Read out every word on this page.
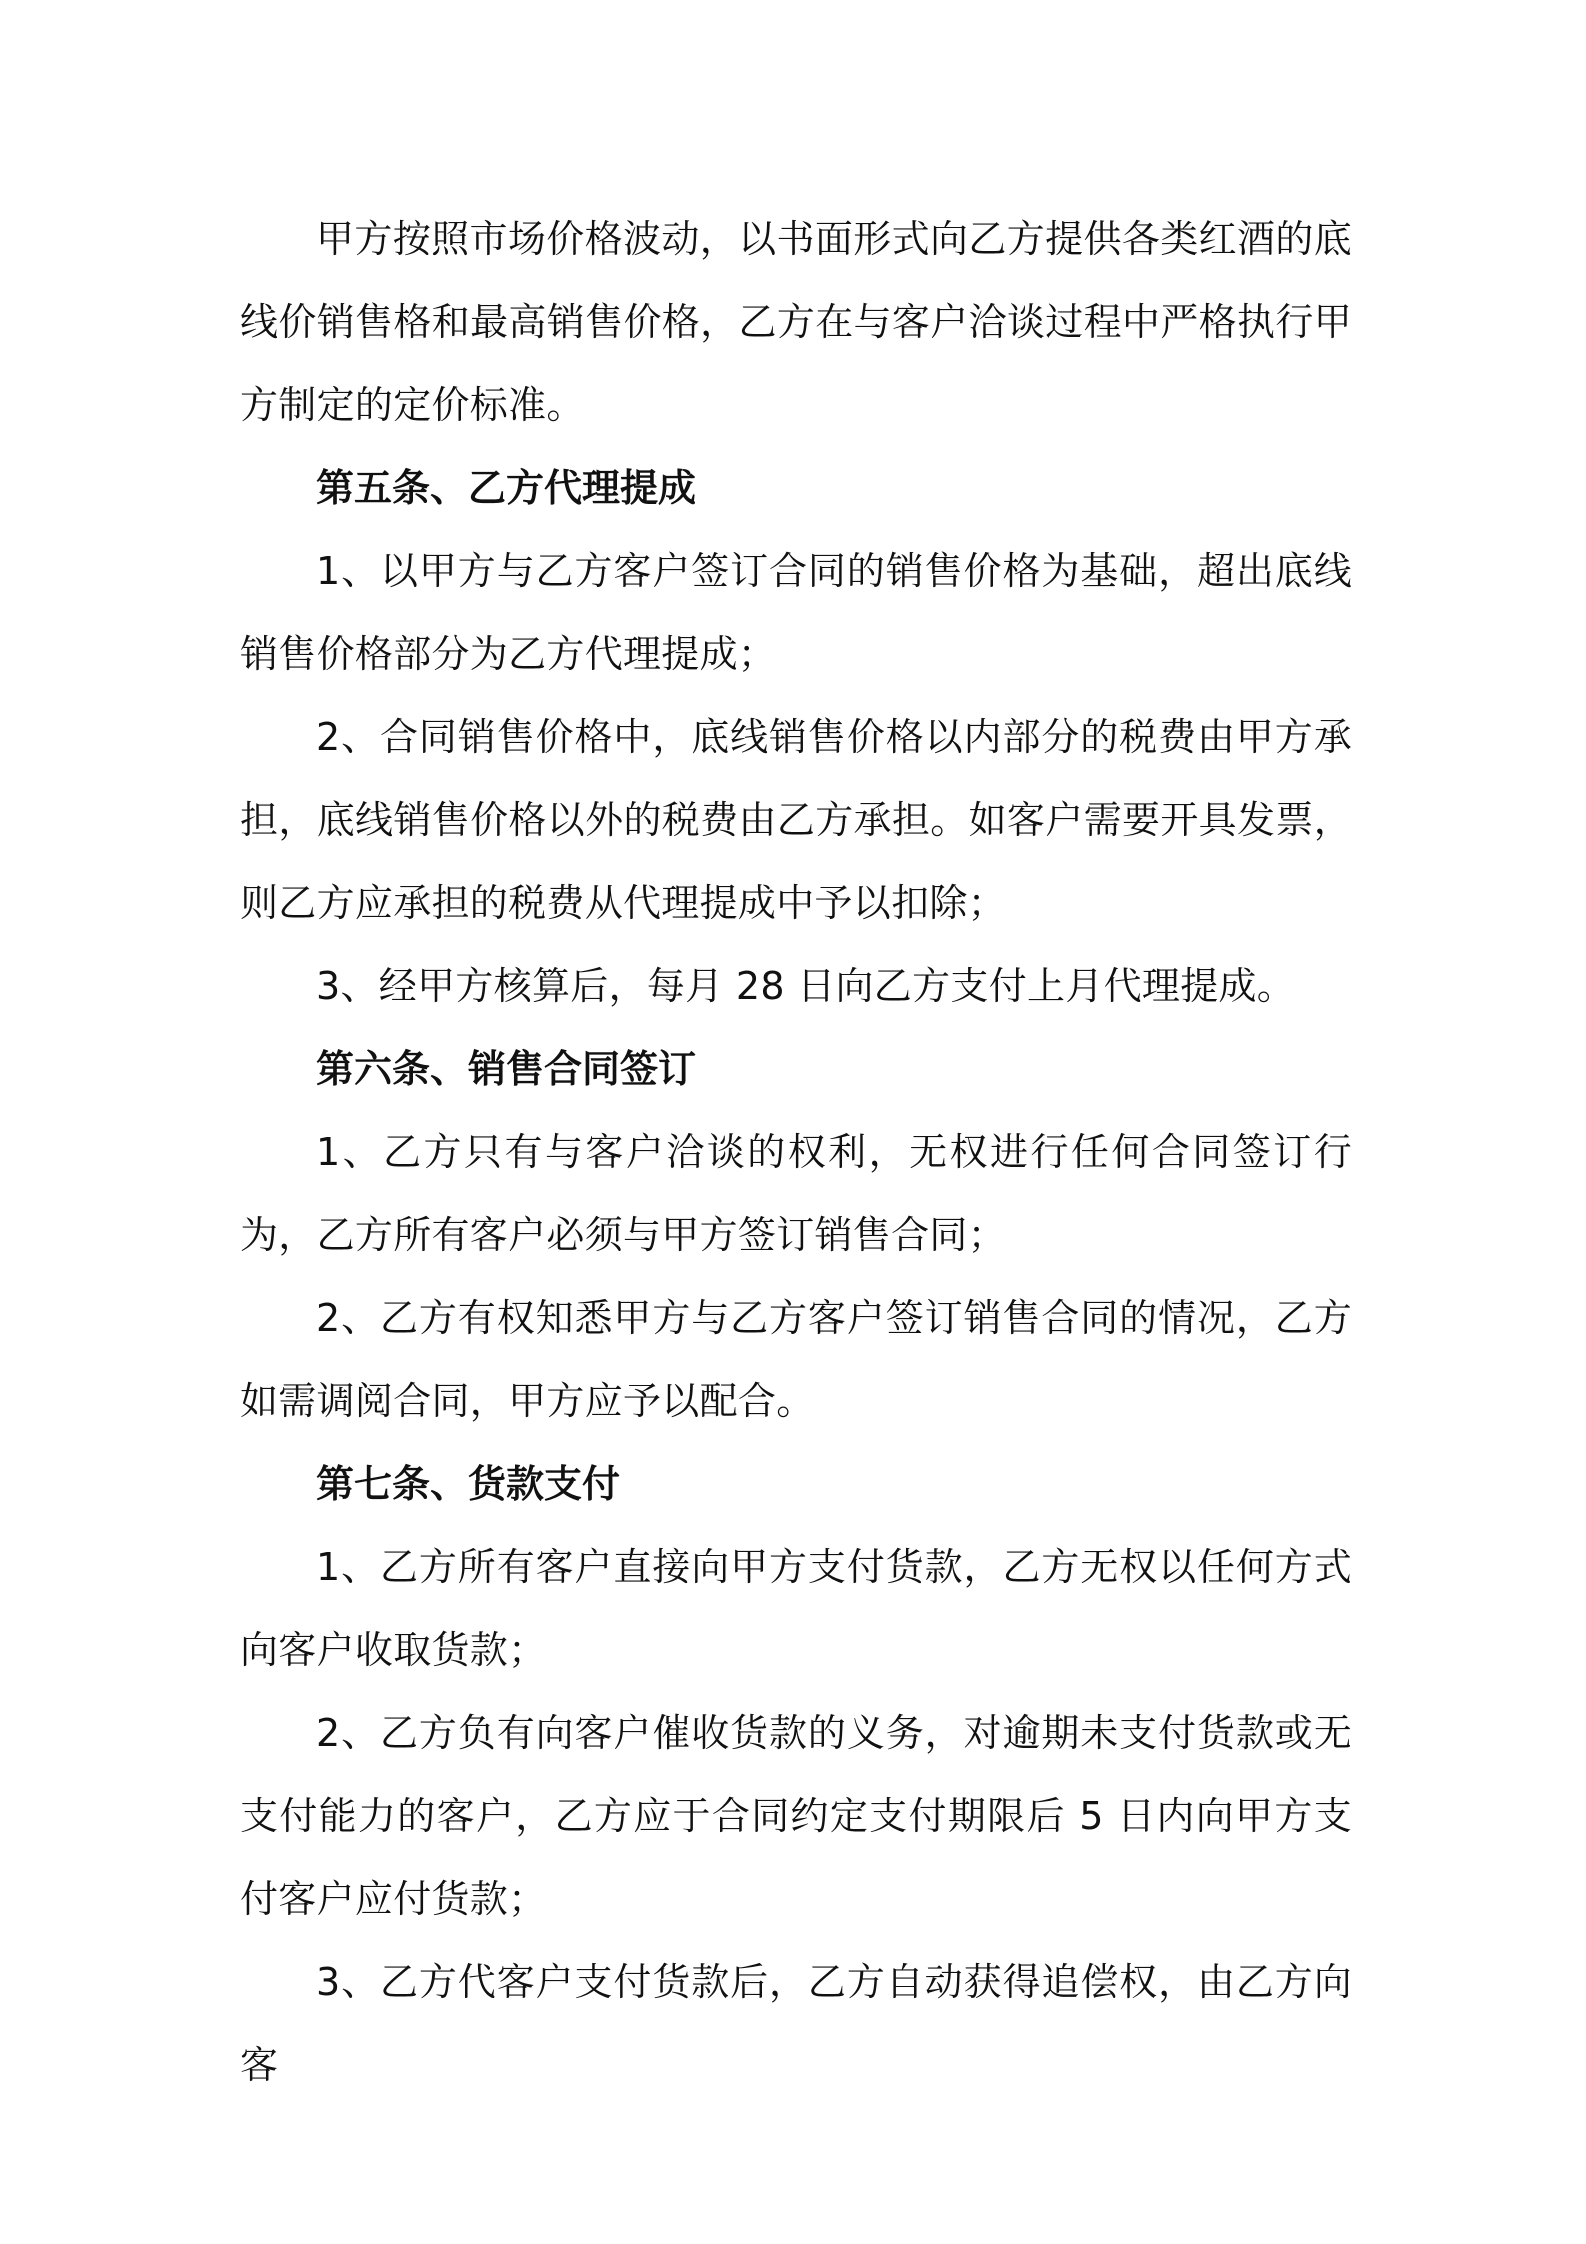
甲方按照市场价格波动，以书面形式向乙方提供各类红酒的底线价销售格和最高销售价格，乙方在与客户洽谈过程中严格执行甲方制定的定价标准。

第五条、乙方代理提成

1、以甲方与乙方客户签订合同的销售价格为基础，超出底线销售价格部分为乙方代理提成；

2、合同销售价格中，底线销售价格以内部分的税费由甲方承担，底线销售价格以外的税费由乙方承担。如客户需要开具发票，则乙方应承担的税费从代理提成中予以扣除；

3、经甲方核算后，每月 28 日向乙方支付上月代理提成。

第六条、销售合同签订

1、乙方只有与客户洽谈的权利，无权进行任何合同签订行为，乙方所有客户必须与甲方签订销售合同；

2、乙方有权知悉甲方与乙方客户签订销售合同的情况，乙方如需调阅合同，甲方应予以配合。

第七条、货款支付

1、乙方所有客户直接向甲方支付货款，乙方无权以任何方式向客户收取货款；

2、乙方负有向客户催收货款的义务，对逾期未支付货款或无支付能力的客户，乙方应于合同约定支付期限后 5 日内向甲方支付客户应付货款；

3、乙方代客户支付货款后，乙方自动获得追偿权，由乙方向客
